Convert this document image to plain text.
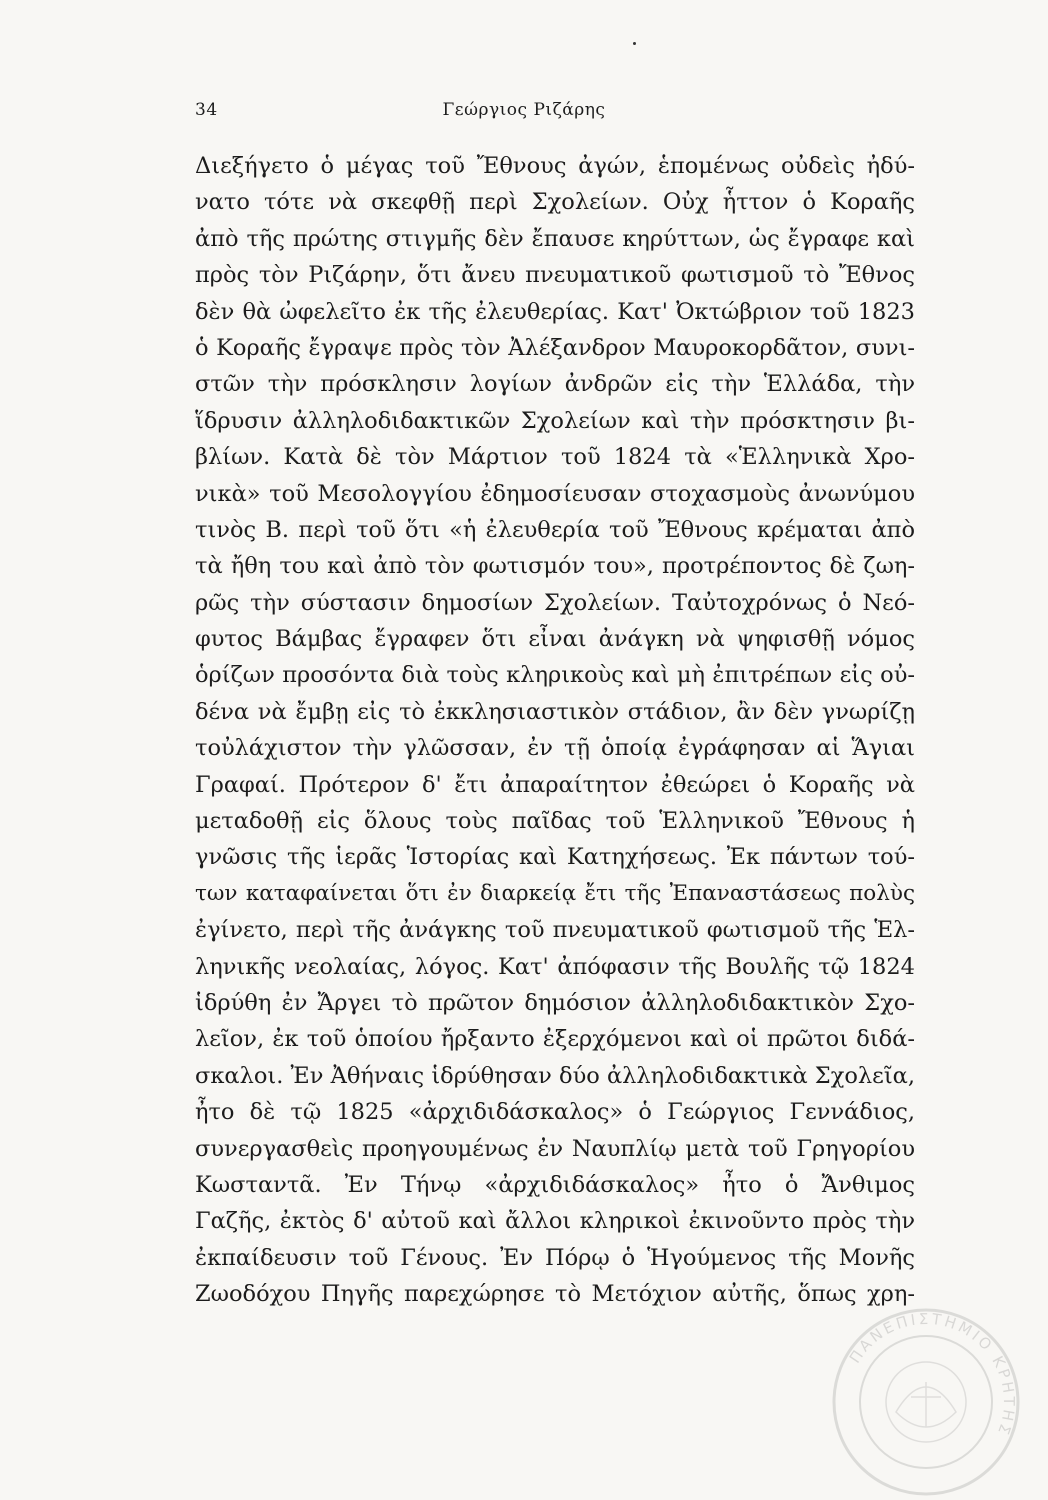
34	Γεώργιος Ριζάρης
Διεξήγετο ὁ μέγας τοῦ Ἔθνους ἀγών, ἑπομένως οὐδεὶς ἠδύ-
νατο τότε νὰ σκεφθῇ περὶ Σχολείων. Οὐχ ἧττον ὁ Κοραῆς
ἀπὸ τῆς πρώτης στιγμῆς δὲν ἔπαυσε κηρύττων, ὡς ἔγραφε καὶ
πρὸς τὸν Ριζάρην, ὅτι ἄνευ πνευματικοῦ φωτισμοῦ τὸ Ἔθνος
δὲν θὰ ὠφελεῖτο ἐκ τῆς ἐλευθερίας. Κατ' Ὀκτώβριον τοῦ 1823
ὁ Κοραῆς ἔγραψε πρὸς τὸν Ἀλέξανδρον Μαυροκορδᾶτον, συνι-
στῶν τὴν πρόσκλησιν λογίων ἀνδρῶν εἰς τὴν Ἑλλάδα, τὴν
ἵδρυσιν ἀλληλοδιδακτικῶν Σχολείων καὶ τὴν πρόσκτησιν βι-
βλίων. Κατὰ δὲ τὸν Μάρτιον τοῦ 1824 τὰ «Ἑλληνικὰ Χρο-
νικὰ» τοῦ Μεσολογγίου ἐδημοσίευσαν στοχασμοὺς ἀνωνύμου
τινὸς Β. περὶ τοῦ ὅτι «ἡ ἐλευθερία τοῦ Ἔθνους κρέμαται ἀπὸ
τὰ ἤθη του καὶ ἀπὸ τὸν φωτισμόν του», προτρέποντος δὲ ζωη-
ρῶς τὴν σύστασιν δημοσίων Σχολείων. Ταὐτοχρόνως ὁ Νεό-
φυτος Βάμβας ἔγραφεν ὅτι εἶναι ἀνάγκη νὰ ψηφισθῇ νόμος
ὁρίζων προσόντα διὰ τοὺς κληρικοὺς καὶ μὴ ἐπιτρέπων εἰς οὐ-
δένα νὰ ἔμβῃ εἰς τὸ ἐκκλησιαστικὸν στάδιον, ἂν δὲν γνωρίζῃ
τοὐλάχιστον τὴν γλῶσσαν, ἐν τῇ ὁποίᾳ ἐγράφησαν αἱ Ἅγιαι
Γραφαί. Πρότερον δ' ἔτι ἀπαραίτητον ἐθεώρει ὁ Κοραῆς νὰ
μεταδοθῇ εἰς ὅλους τοὺς παῖδας τοῦ Ἑλληνικοῦ Ἔθνους ἡ
γνῶσις τῆς ἱερᾶς Ἱστορίας καὶ Κατηχήσεως. Ἐκ πάντων τού-
των καταφαίνεται ὅτι ἐν διαρκείᾳ ἔτι τῆς Ἐπαναστάσεως πολὺς
ἐγίνετο, περὶ τῆς ἀνάγκης τοῦ πνευματικοῦ φωτισμοῦ τῆς Ἑλ-
ληνικῆς νεολαίας, λόγος. Κατ' ἀπόφασιν τῆς Βουλῆς τῷ 1824
ἱδρύθη ἐν Ἄργει τὸ πρῶτον δημόσιον ἀλληλοδιδακτικὸν Σχο-
λεῖον, ἐκ τοῦ ὁποίου ἤρξαντο ἐξερχόμενοι καὶ οἱ πρῶτοι διδά-
σκαλοι. Ἐν Ἀθήναις ἱδρύθησαν δύο ἀλληλοδιδακτικὰ Σχολεῖα,
ἦτο δὲ τῷ 1825 «ἀρχιδιδάσκαλος» ὁ Γεώργιος Γεννάδιος,
συνεργασθεὶς προηγουμένως ἐν Ναυπλίῳ μετὰ τοῦ Γρηγορίου
Κωσταντᾶ. Ἐν Τήνῳ «ἀρχιδιδάσκαλος» ἦτο ὁ Ἄνθιμος
Γαζῆς, ἐκτὸς δ' αὐτοῦ καὶ ἄλλοι κληρικοὶ ἐκινοῦντο πρὸς τὴν
ἐκπαίδευσιν τοῦ Γένους. Ἐν Πόρῳ ὁ Ἡγούμενος τῆς Μονῆς
Ζωοδόχου Πηγῆς παρεχώρησε τὸ Μετόχιον αὐτῆς, ὅπως χρη-
ΠΑΝΕΠΙΣΤΗΜΙΟ ΚΡΗΤΗΣ
